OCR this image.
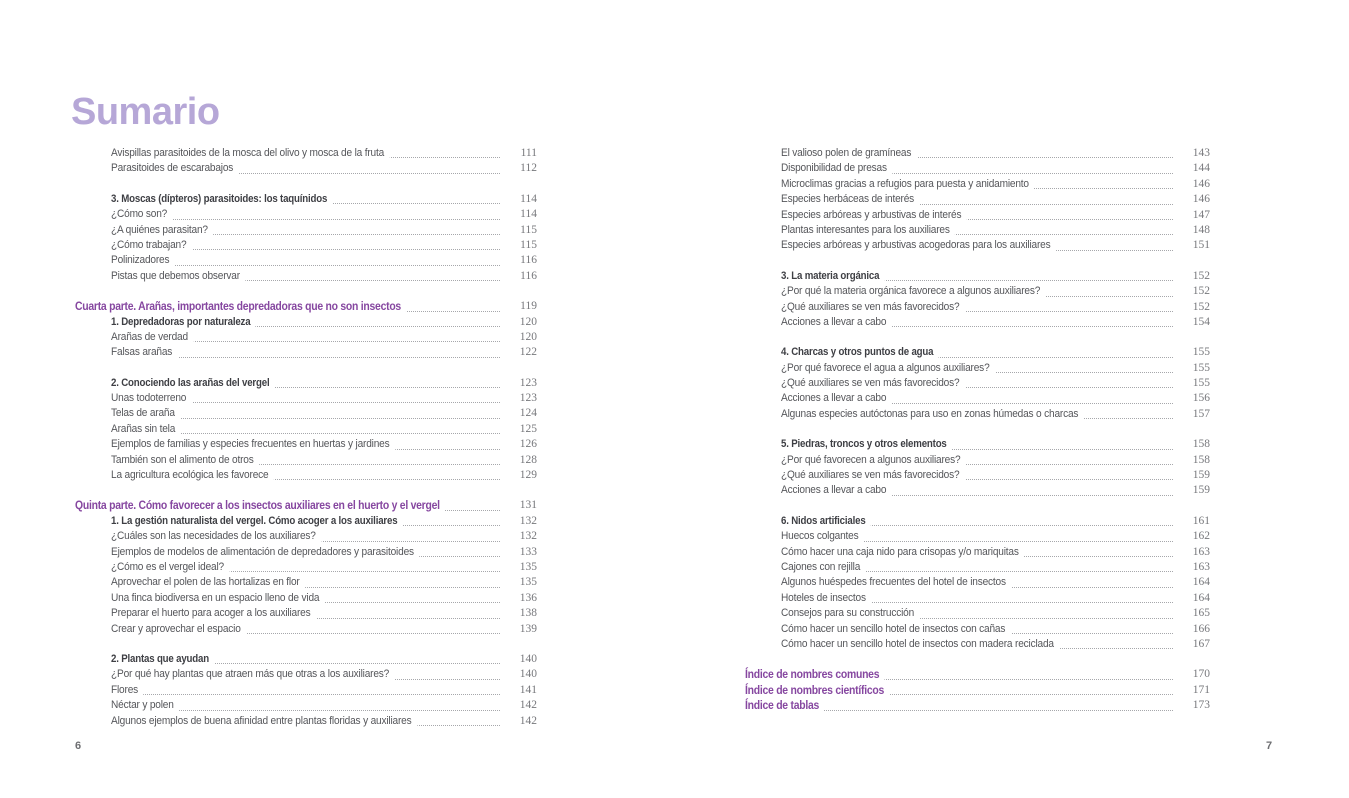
Sumario
Avispillas parasitoides de la mosca del olivo y mosca de la fruta	111
Parasitoides de escarabajos	112
3. Moscas (dípteros) parasitoides: los taquínidos	114
¿Cómo son?	114
¿A quiénes parasitan?	115
¿Cómo trabajan?	115
Polinizadores	116
Pistas que debemos observar	116
Cuarta parte. Arañas, importantes depredadoras que no son insectos	119
1. Depredadoras por naturaleza	120
Arañas de verdad	120
Falsas arañas	122
2. Conociendo las arañas del vergel	123
Unas todoterreno	123
Telas de araña	124
Arañas sin tela	125
Ejemplos de familias y especies frecuentes en huertas y jardines	126
También son el alimento de otros	128
La agricultura ecológica les favorece	129
Quinta parte. Cómo favorecer a los insectos auxiliares en el huerto y el vergel	131
1. La gestión naturalista del vergel. Cómo acoger a los auxiliares	132
¿Cuáles son las necesidades de los auxiliares?	132
Ejemplos de modelos de alimentación de depredadores y parasitoides	133
¿Cómo es el vergel ideal?	135
Aprovechar el polen de las hortalizas en flor	135
Una finca biodiversa en un espacio lleno de vida	136
Preparar el huerto para acoger a los auxiliares	138
Crear y aprovechar el espacio	139
2. Plantas que ayudan	140
¿Por qué hay plantas que atraen más que otras a los auxiliares?	140
Flores	141
Néctar y polen	142
Algunos ejemplos de buena afinidad entre plantas floridas y auxiliares	142
El valioso polen de gramíneas	143
Disponibilidad de presas	144
Microclimas gracias a refugios para puesta y anidamiento	146
Especies herbáceas de interés	146
Especies arbóreas y arbustivas de interés	147
Plantas interesantes para los auxiliares	148
Especies arbóreas y arbustivas acogedoras para los auxiliares	151
3. La materia orgánica	152
¿Por qué la materia orgánica favorece a algunos auxiliares?	152
¿Qué auxiliares se ven más favorecidos?	152
Acciones a llevar a cabo	154
4. Charcas y otros puntos de agua	155
¿Por qué favorece el agua a algunos auxiliares?	155
¿Qué auxiliares se ven más favorecidos?	155
Acciones a llevar a cabo	156
Algunas especies autóctonas para uso en zonas húmedas o charcas	157
5. Piedras, troncos y otros elementos	158
¿Por qué favorecen a algunos auxiliares?	158
¿Qué auxiliares se ven más favorecidos?	159
Acciones a llevar a cabo	159
6. Nidos artificiales	161
Huecos colgantes	162
Cómo hacer una caja nido para crisopas y/o mariquitas	163
Cajones con rejilla	163
Algunos huéspedes frecuentes del hotel de insectos	164
Hoteles de insectos	164
Consejos para su construcción	165
Cómo hacer un sencillo hotel de insectos con cañas	166
Cómo hacer un sencillo hotel de insectos con madera reciclada	167
Índice de nombres comunes	170
Índice de nombres científicos	171
Índice de tablas	173
6	7
